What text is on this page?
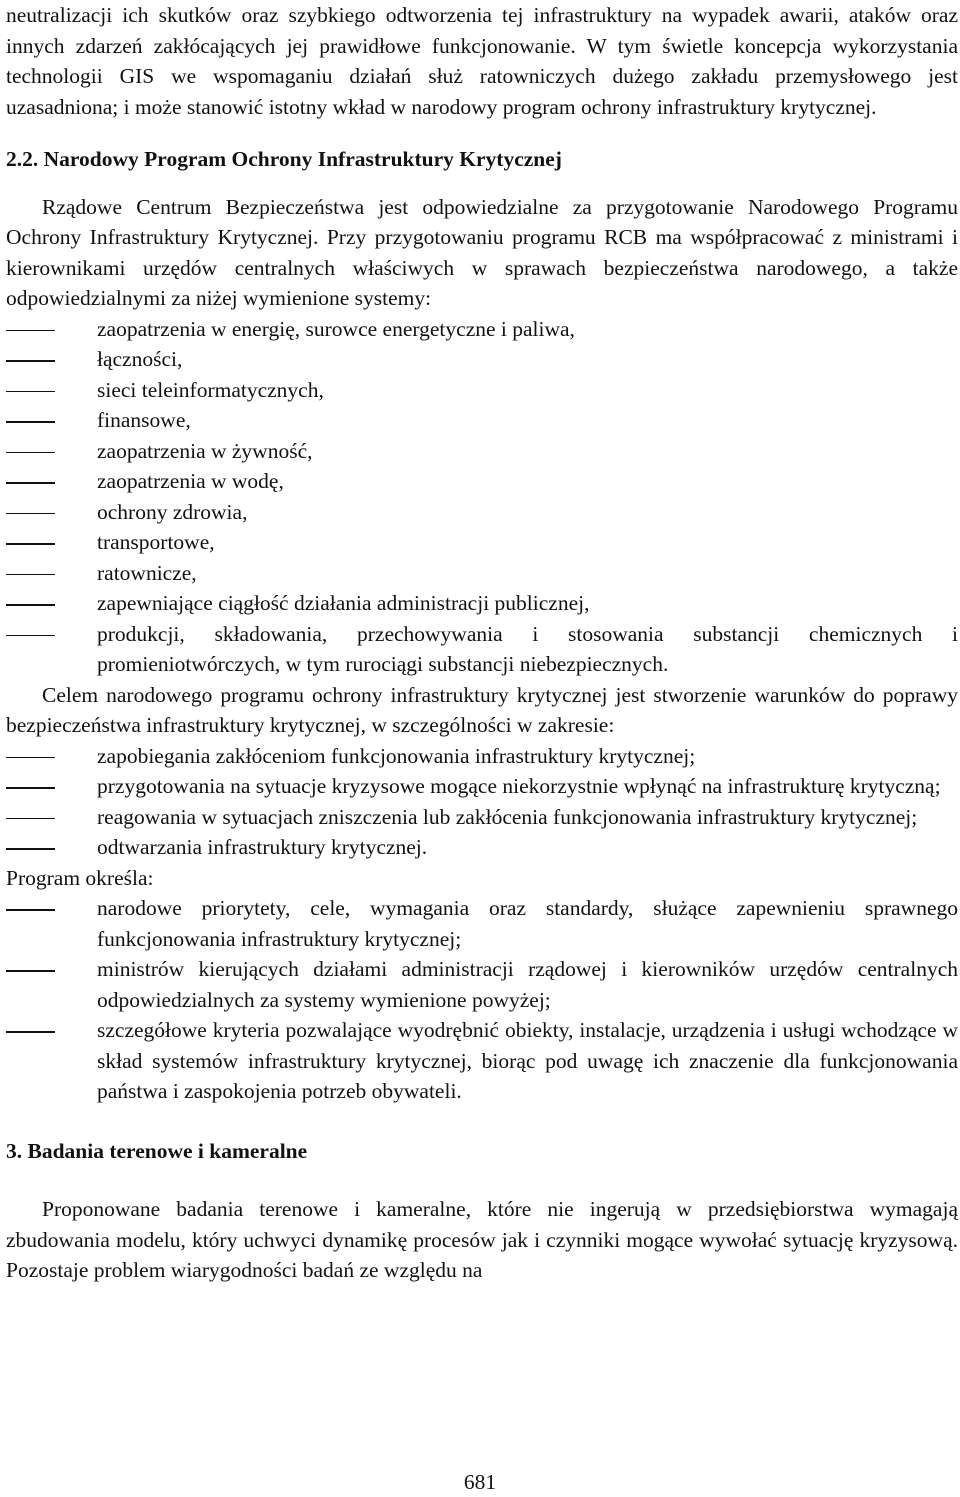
neutralizacji ich skutków oraz szybkiego odtworzenia tej infrastruktury na wypadek awarii, ataków oraz innych zdarzeń zakłócających jej prawidłowe funkcjonowanie. W tym świetle koncepcja wykorzystania technologii GIS we wspomaganiu działań służ ratowniczych dużego zakładu przemysłowego jest uzasadniona; i może stanowić istotny wkład w narodowy program ochrony infrastruktury krytycznej.

2.2. Narodowy Program Ochrony Infrastruktury Krytycznej

Rządowe Centrum Bezpieczeństwa jest odpowiedzialne za przygotowanie Narodowego Programu Ochrony Infrastruktury Krytycznej. Przy przygotowaniu programu RCB ma współpracować z ministrami i kierownikami urzędów centralnych właściwych w sprawach bezpieczeństwa narodowego, a także odpowiedzialnymi za niżej wymienione systemy:

zaopatrzenia w energię, surowce energetyczne i paliwa,
łączności,
sieci teleinformatycznych,
finansowe,
zaopatrzenia w żywność,
zaopatrzenia w wodę,
ochrony zdrowia,
transportowe,
ratownicze,
zapewniające ciągłość działania administracji publicznej,
produkcji, składowania, przechowywania i stosowania substancji chemicznych i promieniotwórczych, w tym rurociągi substancji niebezpiecznych.

Celem narodowego programu ochrony infrastruktury krytycznej jest stworzenie warunków do poprawy bezpieczeństwa infrastruktury krytycznej, w szczególności w zakresie:

zapobiegania zakłóceniom funkcjonowania infrastruktury krytycznej;
przygotowania na sytuacje kryzysowe mogące niekorzystnie wpłynąć na infrastrukturę krytyczną;
reagowania w sytuacjach zniszczenia lub zakłócenia funkcjonowania infrastruktury krytycznej;
odtwarzania infrastruktury krytycznej.

Program określa:

narodowe priorytety, cele, wymagania oraz standardy, służące zapewnieniu sprawnego funkcjonowania infrastruktury krytycznej;
ministrów kierujących działami administracji rządowej i kierowników urzędów centralnych odpowiedzialnych za systemy wymienione powyżej;
szczegółowe kryteria pozwalające wyodrębnić obiekty, instalacje, urządzenia i usługi wchodzące w skład systemów infrastruktury krytycznej, biorąc pod uwagę ich znaczenie dla funkcjonowania państwa i zaspokojenia potrzeb obywateli.
3. Badania terenowe i kameralne

Proponowane badania terenowe i kameralne, które nie ingerują w przedsiębiorstwa wymagają zbudowania modelu, który uchwyci dynamikę procesów jak i czynniki mogące wywołać sytuację kryzysową. Pozostaje problem wiarygodności badań ze względu na

681
